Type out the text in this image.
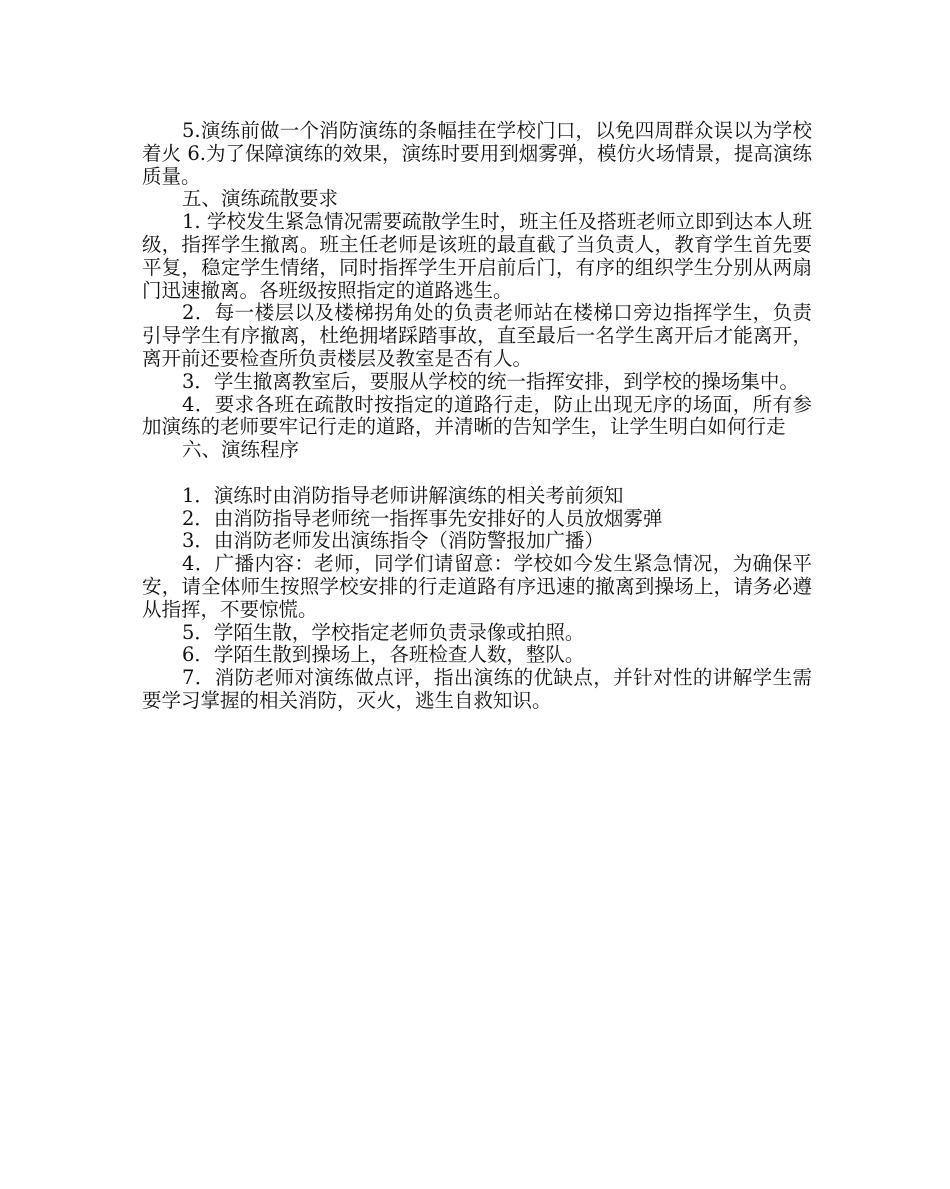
5.演练前做一个消防演练的条幅挂在学校门口，以免四周群众误以为学校着火 6.为了保障演练的效果，演练时要用到烟雾弹，模仿火场情景，提高演练质量。

五、演练疏散要求

1. 学校发生紧急情况需要疏散学生时，班主任及搭班老师立即到达本人班级，指挥学生撤离。班主任老师是该班的最直截了当负责人，教育学生首先要平复，稳定学生情绪，同时指挥学生开启前后门，有序的组织学生分别从两扇门迅速撤离。各班级按照指定的道路逃生。

2．每一楼层以及楼梯拐角处的负责老师站在楼梯口旁边指挥学生，负责引导学生有序撤离，杜绝拥堵踩踏事故，直至最后一名学生离开后才能离开，离开前还要检查所负责楼层及教室是否有人。

3．学生撤离教室后，要服从学校的统一指挥安排，到学校的操场集中。

4．要求各班在疏散时按指定的道路行走，防止出现无序的场面，所有参加演练的老师要牢记行走的道路，并清晰的告知学生，让学生明白如何行走

六、演练程序

1．演练时由消防指导老师讲解演练的相关考前须知

2．由消防指导老师统一指挥事先安排好的人员放烟雾弹

3．由消防老师发出演练指令（消防警报加广播）

4．广播内容：老师，同学们请留意：学校如今发生紧急情况，为确保平安，请全体师生按照学校安排的行走道路有序迅速的撤离到操场上，请务必遵从指挥，不要惊慌。

5．学陌生散，学校指定老师负责录像或拍照。

6．学陌生散到操场上，各班检查人数，整队。

7．消防老师对演练做点评，指出演练的优缺点，并针对性的讲解学生需要学习掌握的相关消防，灭火，逃生自救知识。
